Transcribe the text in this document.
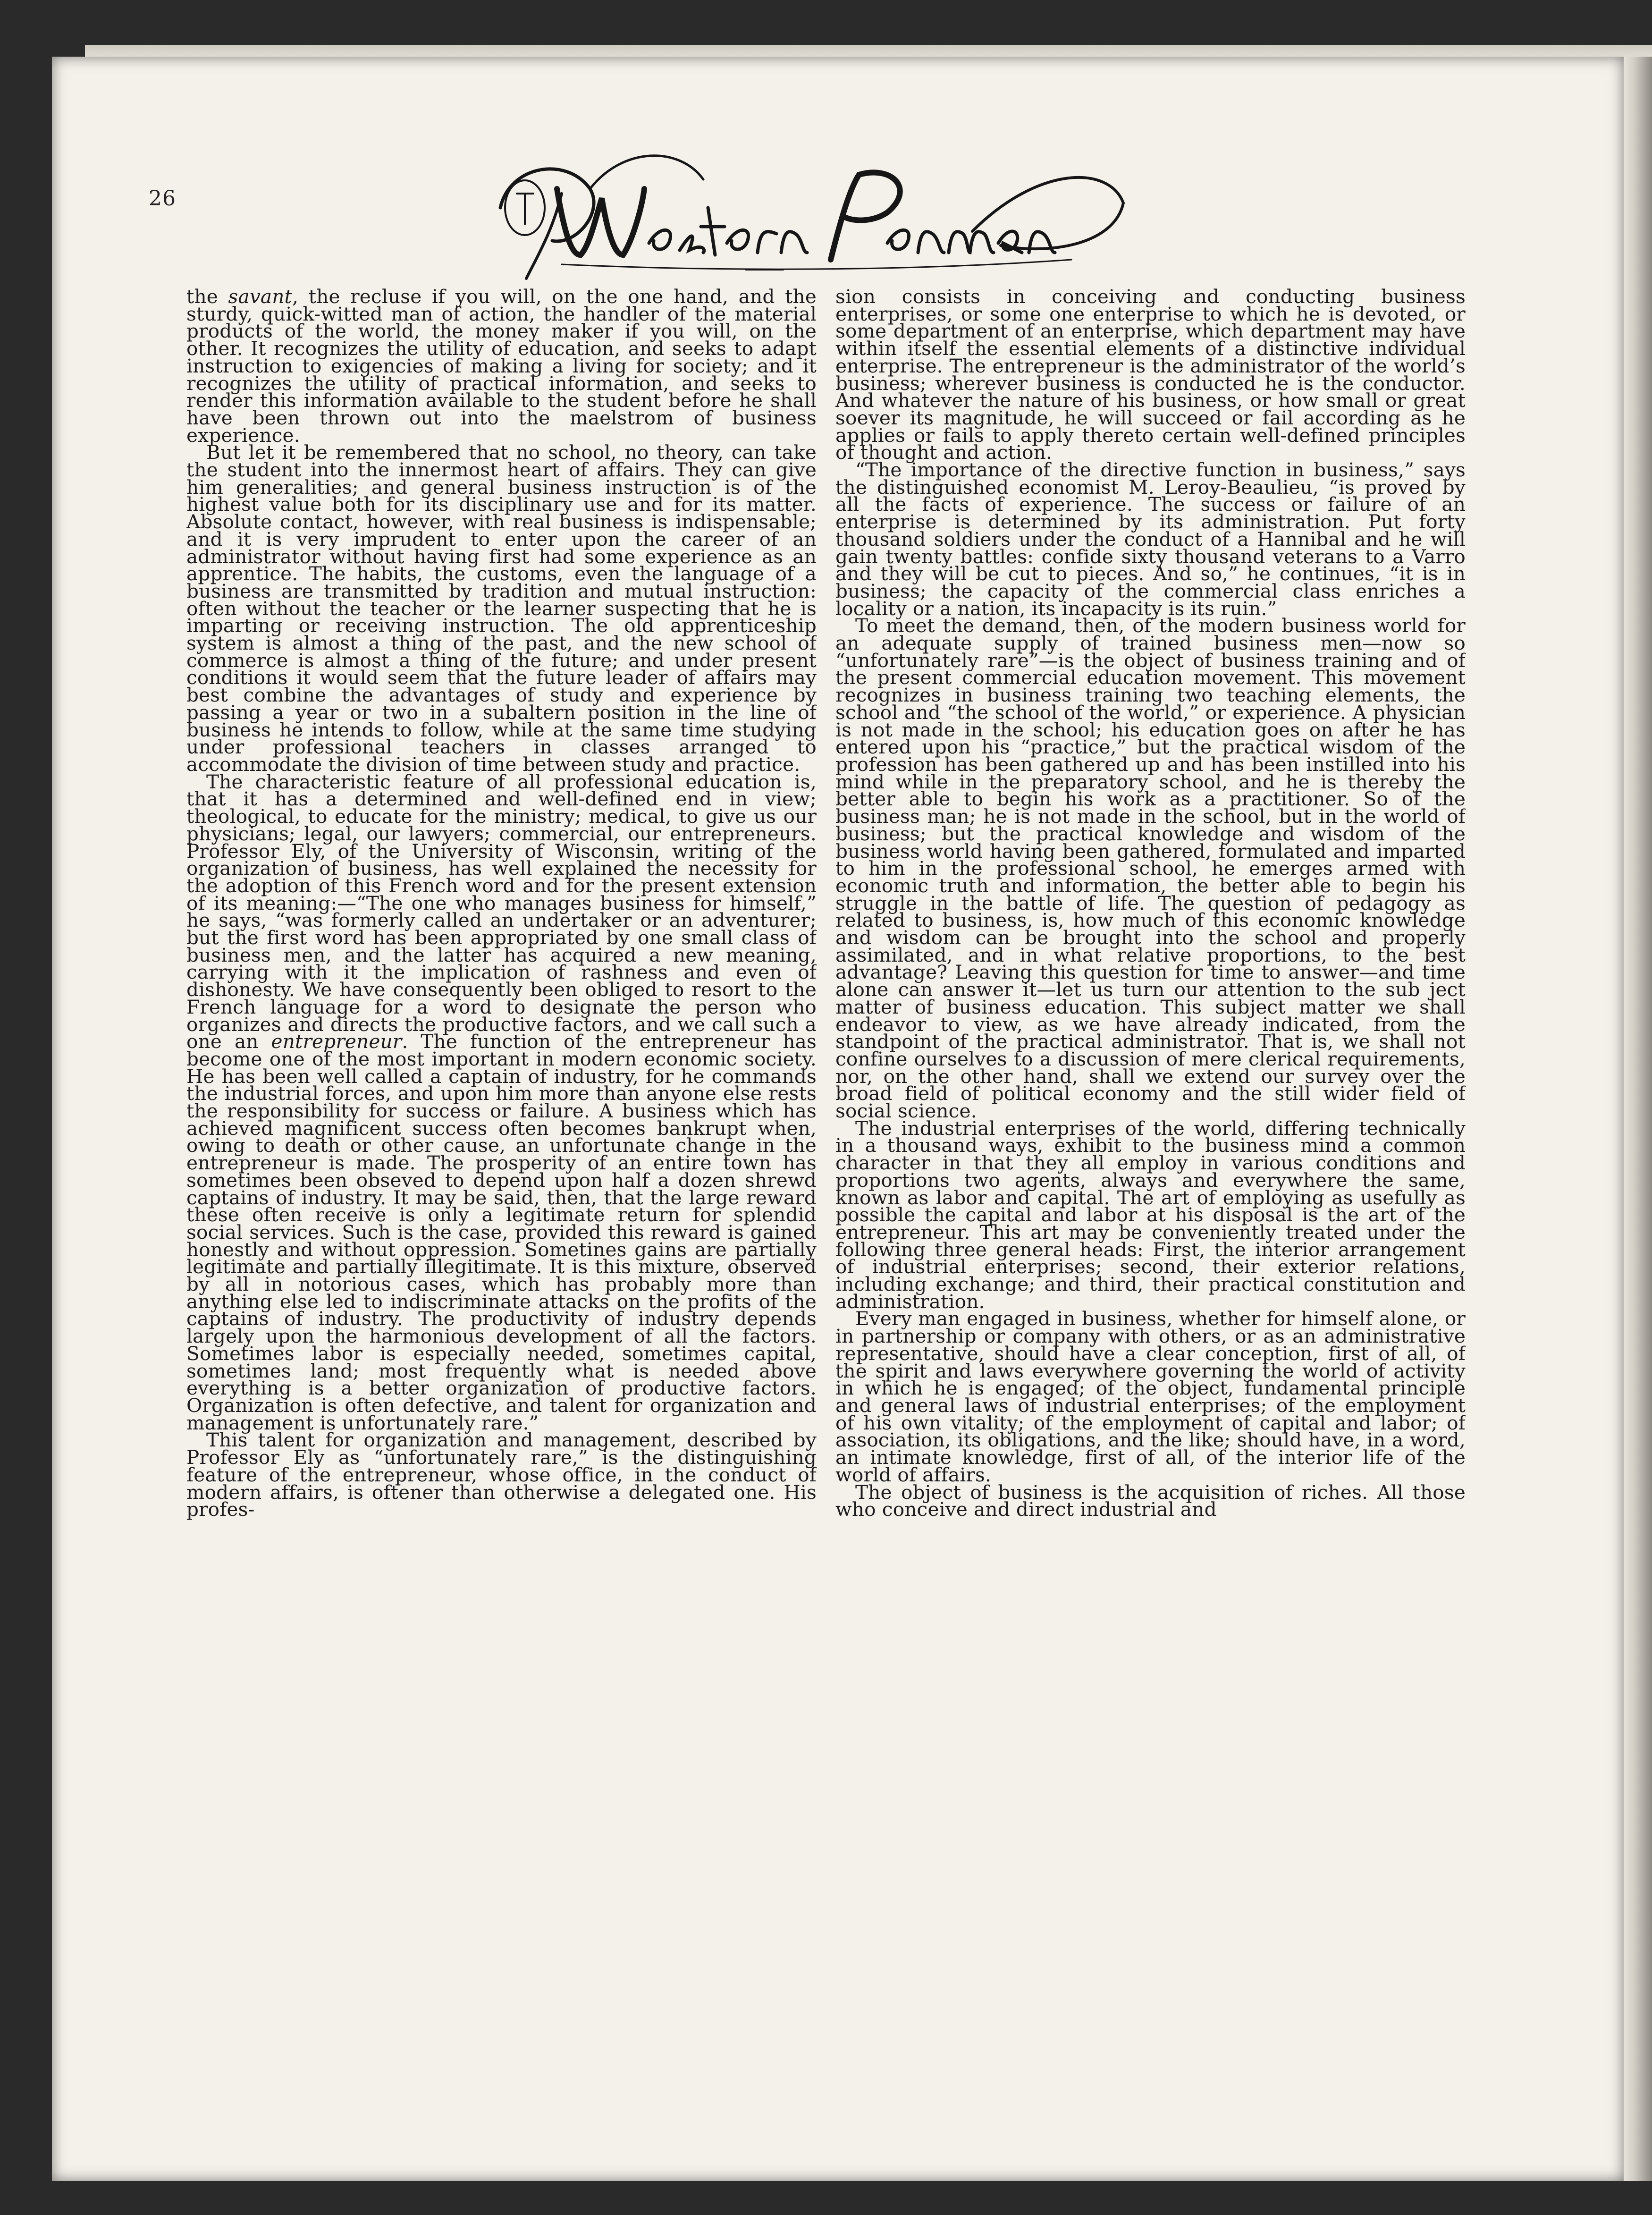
26

the savant, the recluse if you will, on the one hand, and the sturdy, quick-witted man of action, the handler of the material products of the world, the money maker if you will, on the other. It recognizes the utility of education, and seeks to adapt instruction to exigencies of making a living for society; and it recognizes the utility of practical information, and seeks to render this information available to the student before he shall have been thrown out into the maelstrom of business experience.

But let it be remembered that no school, no theory, can take the student into the innermost heart of affairs. They can give him generalities; and general business instruction is of the highest value both for its disciplinary use and for its matter. Absolute contact, however, with real business is indispensable; and it is very imprudent to enter upon the career of an administrator without having first had some experience as an apprentice. The habits, the customs, even the language of a business are transmitted by tradition and mutual instruction: often without the teacher or the learner suspecting that he is imparting or receiving instruction. The old apprenticeship system is almost a thing of the past, and the new school of commerce is almost a thing of the future; and under present conditions it would seem that the future leader of affairs may best combine the advantages of study and experience by passing a year or two in a subaltern position in the line of business he intends to follow, while at the same time studying under professional teachers in classes arranged to accommodate the division of time between study and practice.

The characteristic feature of all professional education is, that it has a determined and well-defined end in view; theological, to educate for the ministry; medical, to give us our physicians; legal, our lawyers; commercial, our entrepreneurs. Professor Ely, of the University of Wisconsin, writing of the organization of business, has well explained the necessity for the adoption of this French word and for the present extension of its meaning:—“The one who manages business for himself,” he says, “was formerly called an undertaker or an adventurer; but the first word has been appropriated by one small class of business men, and the latter has acquired a new meaning, carrying with it the implication of rashness and even of dishonesty. We have consequently been obliged to resort to the French language for a word to designate the person who organizes and directs the productive factors, and we call such a one an entrepreneur. The function of the entrepreneur has become one of the most important in modern economic society. He has been well called a captain of industry, for he commands the industrial forces, and upon him more than anyone else rests the responsibility for success or failure. A business which has achieved magnificent success often becomes bankrupt when, owing to death or other cause, an unfortunate change in the entrepreneur is made. The prosperity of an entire town has sometimes been obseved to depend upon half a dozen shrewd captains of industry. It may be said, then, that the large reward these often receive is only a legitimate return for splendid social services. Such is the case, provided this reward is gained honestly and without oppression. Sometines gains are partially legitimate and partially illegitimate. It is this mixture, observed by all in notorious cases, which has probably more than anything else led to indiscriminate attacks on the profits of the captains of industry. The productivity of industry depends largely upon the harmonious development of all the factors. Sometimes labor is especially needed, sometimes capital, sometimes land; most frequently what is needed above everything is a better organization of productive factors. Organization is often defective, and talent for organization and management is unfortunately rare.”

This talent for organization and management, described by Professor Ely as “unfortunately rare,” is the distinguishing feature of the entrepreneur, whose office, in the conduct of modern affairs, is oftener than otherwise a delegated one. His profes-

sion consists in conceiving and conducting business enterprises, or some one enterprise to which he is devoted, or some department of an enterprise, which department may have within itself the essential elements of a distinctive individual enterprise. The entrepreneur is the administrator of the world’s business; wherever business is conducted he is the conductor. And whatever the nature of his business, or how small or great soever its magnitude, he will succeed or fail according as he applies or fails to apply thereto certain well-defined principles of thought and action.

“The importance of the directive function in business,” says the distinguished economist M. Leroy-Beaulieu, “is proved by all the facts of experience. The success or failure of an enterprise is determined by its administration. Put forty thousand soldiers under the conduct of a Hannibal and he will gain twenty battles: confide sixty thousand veterans to a Varro and they will be cut to pieces. And so,” he continues, “it is in business; the capacity of the commercial class enriches a locality or a nation, its incapacity is its ruin.”

To meet the demand, then, of the modern business world for an adequate supply of trained business men—now so “unfortunately rare”—is the object of business training and of the present commercial education movement. This movement recognizes in business training two teaching elements, the school and “the school of the world,” or experience. A physician is not made in the school; his education goes on after he has entered upon his “practice,” but the practical wisdom of the profession has been gathered up and has been instilled into his mind while in the preparatory school, and he is thereby the better able to begin his work as a practitioner. So of the business man; he is not made in the school, but in the world of business; but the practical knowledge and wisdom of the business world having been gathered, formulated and imparted to him in the professional school, he emerges armed with economic truth and information, the better able to begin his struggle in the battle of life. The question of pedagogy as related to business, is, how much of this economic knowledge and wisdom can be brought into the school and properly assimilated, and in what relative proportions, to the best advantage? Leaving this question for time to answer—and time alone can answer it—let us turn our attention to the sub ject matter of business education. This subject matter we shall endeavor to view, as we have already indicated, from the standpoint of the practical administrator. That is, we shall not confine ourselves to a discussion of mere clerical requirements, nor, on the other hand, shall we extend our survey over the broad field of political economy and the still wider field of social science.

The industrial enterprises of the world, differing technically in a thousand ways, exhibit to the business mind a common character in that they all employ in various conditions and proportions two agents, always and everywhere the same, known as labor and capital. The art of employing as usefully as possible the capital and labor at his disposal is the art of the entrepreneur. This art may be conveniently treated under the following three general heads: First, the interior arrangement of industrial enterprises; second, their exterior relations, including exchange; and third, their practical constitution and administration.

Every man engaged in business, whether for himself alone, or in partnership or company with others, or as an administrative representative, should have a clear conception, first of all, of the spirit and laws everywhere governing the world of activity in which he is engaged; of the object, fundamental principle and general laws of industrial enterprises; of the employment of his own vitality; of the employment of capital and labor; of association, its obligations, and the like; should have, in a word, an intimate knowledge, first of all, of the interior life of the world of affairs.

The object of business is the acquisition of riches. All those who conceive and direct industrial and
